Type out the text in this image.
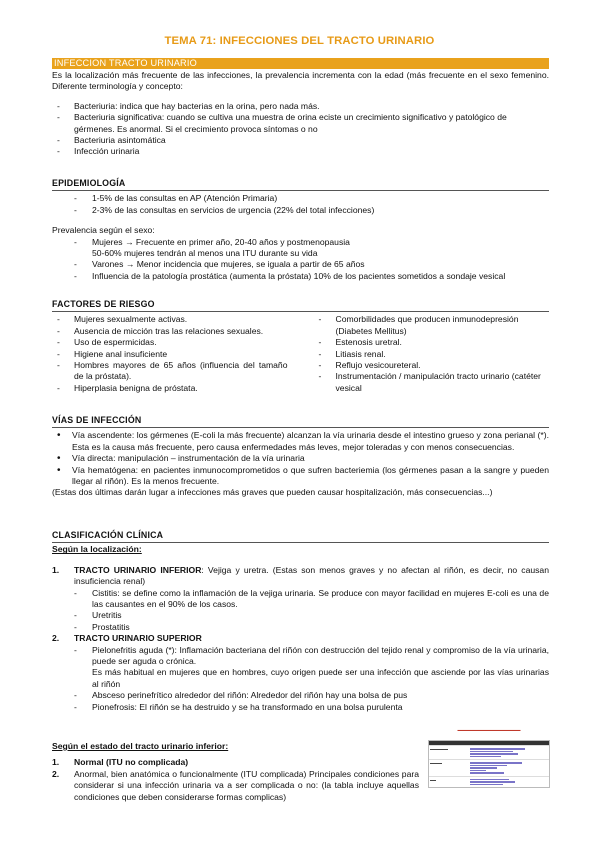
TEMA 71: INFECCIONES DEL TRACTO URINARIO
INFECCION TRACTO URINARIO

Es la localización más frecuente de las infecciones, la prevalencia incrementa con la edad (más frecuente en el sexo femenino. Diferente terminología y concepto:

- Bacteriuria: indica que hay bacterias en la orina, pero nada más.
- Bacteriuria significativa: cuando se cultiva una muestra de orina eciste un crecimiento significativo y patológico de gérmenes. Es anormal. Si el crecimiento provoca síntomas o no
- Bacteriuria asintomática
- Infección urinaria
EPIDEMIOLOGÍA
- 1-5% de las consultas en AP (Atención Primaria)
- 2-3% de las consultas en servicios de urgencia (22% del total infecciones)

Prevalencia según el sexo:

- Mujeres → Frecuente en primer año, 20-40 años y postmenopausia
50-60% mujeres tendrán al menos una ITU durante su vida
- Varones → Menor incidencia que mujeres, se iguala a partir de 65 años
- Influencia de la patología prostática (aumenta la próstata) 10% de los pacientes sometidos a sondaje vesical
FACTORES DE RIESGO
- Mujeres sexualmente activas.
- Ausencia de micción tras las relaciones sexuales.
- Uso de espermicidas.
- Higiene anal insuficiente
- Hombres mayores de 65 años (influencia del tamaño de la próstata).
- Hiperplasia benigna de próstata.
- Comorbilidades que producen inmunodepresión (Diabetes Mellitus)
- Estenosis uretral.
- Litiasis renal.
- Reflujo vesicoureteral.
- Instrumentación / manipulación tracto urinario (catéter vesical
VÍAS DE INFECCIÓN
• Vía ascendente: los gérmenes (E-coli la más frecuente) alcanzan la vía urinaria desde el intestino grueso y zona perianal (*). Esta es la causa más frecuente, pero causa enfermedades más leves, mejor toleradas y con menos consecuencias.
• Vía directa: manipulación – instrumentación de la vía urinaria
• Vía hematógena: en pacientes inmunocomprometidos o que sufren bacteriemia (los gérmenes pasan a la sangre y pueden llegar al riñón). Es la menos frecuente.

(Estas dos últimas darán lugar a infecciones más graves que pueden causar hospitalización, más consecuencias...)

CLASIFICACIÓN CLÍNICA

Según la localización:

1. TRACTO URINARIO INFERIOR: Vejiga y uretra. (Estas son menos graves y no afectan al riñón, es decir, no causan insuficiencia renal)
- Cistitis: se define como la inflamación de la vejiga urinaria. Se produce con mayor facilidad en mujeres E-coli es una de las causantes en el 90% de los casos.
- Uretritis
- Prostatitis
2. TRACTO URINARIO SUPERIOR
- Pielonefritis aguda (*): Inflamación bacteriana del riñón con destrucción del tejido renal y compromiso de la vía urinaria, puede ser aguda o crónica.
Es más habitual en mujeres que en hombres, cuyo origen puede ser una infección que asciende por las vías urinarias al riñón
- Absceso perinefrítico alrededor del riñón: Alrededor del riñón hay una bolsa de pus
- Pionefrosis: El riñón se ha destruido y se ha transformado en una bolsa purulenta

Según el estado del tracto urinario inferior:

1. Normal (ITU no complicada)
2. Anormal, bien anatómica o funcionalmente (ITU complicada) Principales condiciones para considerar si una infección urinaria va a ser complicada o no: (la tabla incluye aquellas condiciones que deben considerarse formas complicas)
▬▬▬▬▬▬▬▬▬▬▬▬▬▬▬▬▬▬
▬▬▬▬▬▬
▬▬▬▬
▬▬
